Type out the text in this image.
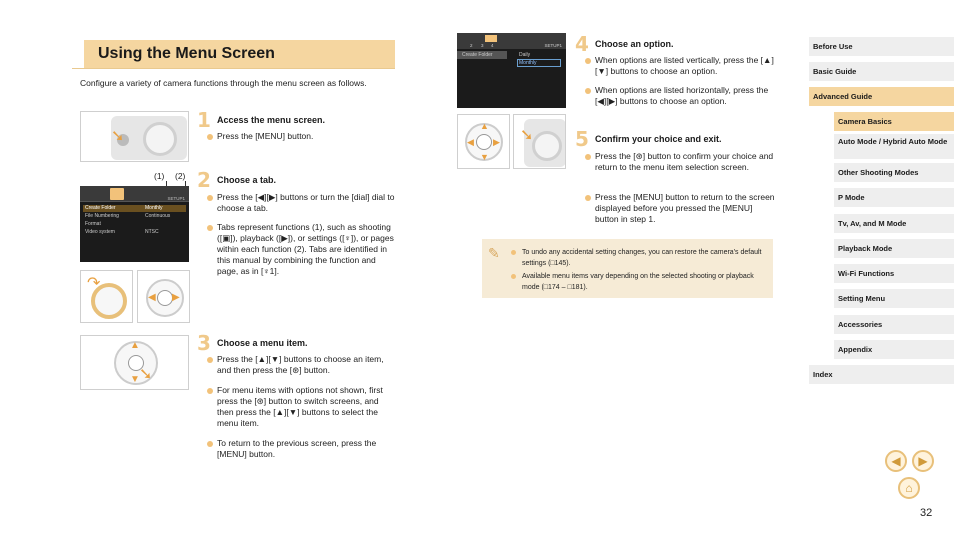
Using the Menu Screen
Configure a variety of camera functions through the menu screen as follows.
➘
(1) (2)
SETUP1
Create Folder	Monthly
File Numbering	Continuous
Format
Video system	NTSC
↷
◀ ▶
▲
▼ ➘
2 3 4	SETUP1
Create Folder	Daily
Monthly
◀ ▶
▲
▼
➘
1 Access the menu screen.
Press the [MENU] button.
2 Choose a tab.
Press the [◀][▶] buttons or turn the [dial] dial to choose a tab.
Tabs represent functions (1), such as shooting ([▣]), playback ([▶]), or settings ([♆]), or pages within each function (2). Tabs are identified in this manual by combining the function and page, as in [♆1].
3 Choose a menu item.
Press the [▲][▼] buttons to choose an item, and then press the [⊛] button.
For menu items with options not shown, first press the [⊛] button to switch screens, and then press the [▲][▼] buttons to select the menu item.
To return to the previous screen, press the [MENU] button.
4 Choose an option.
When options are listed vertically, press the [▲][▼] buttons to choose an option.
When options are listed horizontally, press the [◀][▶] buttons to choose an option.
5 Confirm your choice and exit.
Press the [⊛] button to confirm your choice and return to the menu item selection screen.
Press the [MENU] button to return to the screen displayed before you pressed the [MENU] button in step 1.
✎	To undo any accidental setting changes, you can restore the camera's default settings (□145).
Available menu items vary depending on the selected shooting or playback mode (□174 – □181).
Before Use
Basic Guide
Advanced Guide
Camera Basics
Auto Mode / Hybrid Auto Mode
Other Shooting Modes
P Mode
Tv, Av, and M Mode
Playback Mode
Wi-Fi Functions
Setting Menu
Accessories
Appendix
Index
◀	▶
⌂
32
